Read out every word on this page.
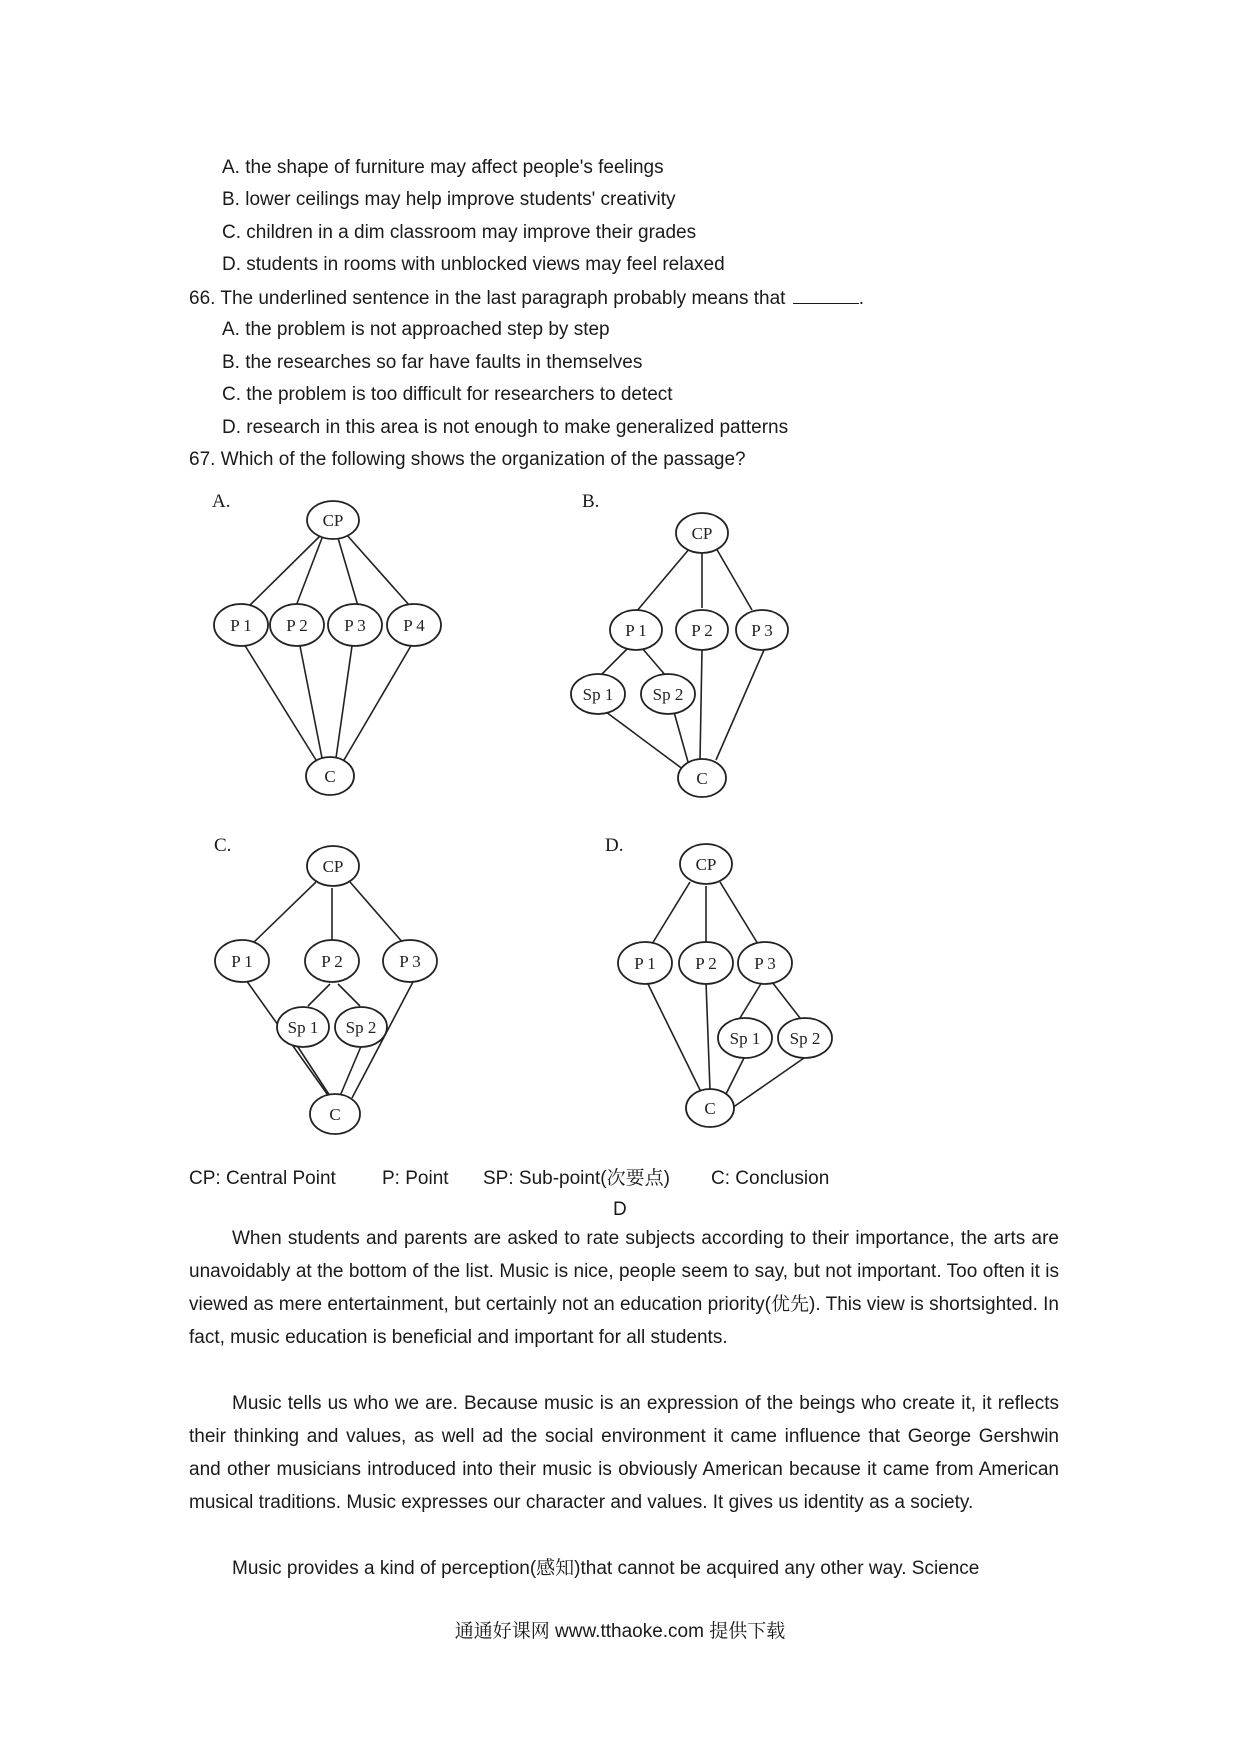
A. the shape of furniture may affect people's feelings
B. lower ceilings may help improve students' creativity
C. children in a dim classroom may improve their grades
D. students in rooms with unblocked views may feel relaxed
66. The underlined sentence in the last paragraph probably means that	.
A. the problem is not approached step by step
B. the researches so far have faults in themselves
C. the problem is too difficult for researchers to detect
D. research in this area is not enough to make generalized patterns
67. Which of the following shows the organization of the passage?
A.	B.
C.	D.
CP
P 1 P 2 P 3 P 4
C
CP
P 1	P 2 P 3
Sp 1 Sp 2
C
CP
P 1	P 2	P 3
Sp 1 Sp 2
C
CP
P 1 P 2 P 3
Sp 1 Sp 2
C
CP: Central Point P: Point SP: Sub-point(次要点) C: Conclusion
D

When students and parents are asked to rate subjects according to their importance, the arts are unavoidably at the bottom of the list. Music is nice, people seem to say, but not important. Too often it is viewed as mere entertainment, but certainly not an education priority(优先). This view is shortsighted. In fact, music education is beneficial and important for all students.

Music tells us who we are. Because music is an expression of the beings who create it, it reflects their thinking and values, as well ad the social environment it came influence that George Gershwin and other musicians introduced into their music is obviously American because it came from American musical traditions. Music expresses our character and values. It gives us identity as a society.

Music provides a kind of perception(感知)that cannot be acquired any other way. Science

通通好课网 www.tthaoke.com 提供下载
